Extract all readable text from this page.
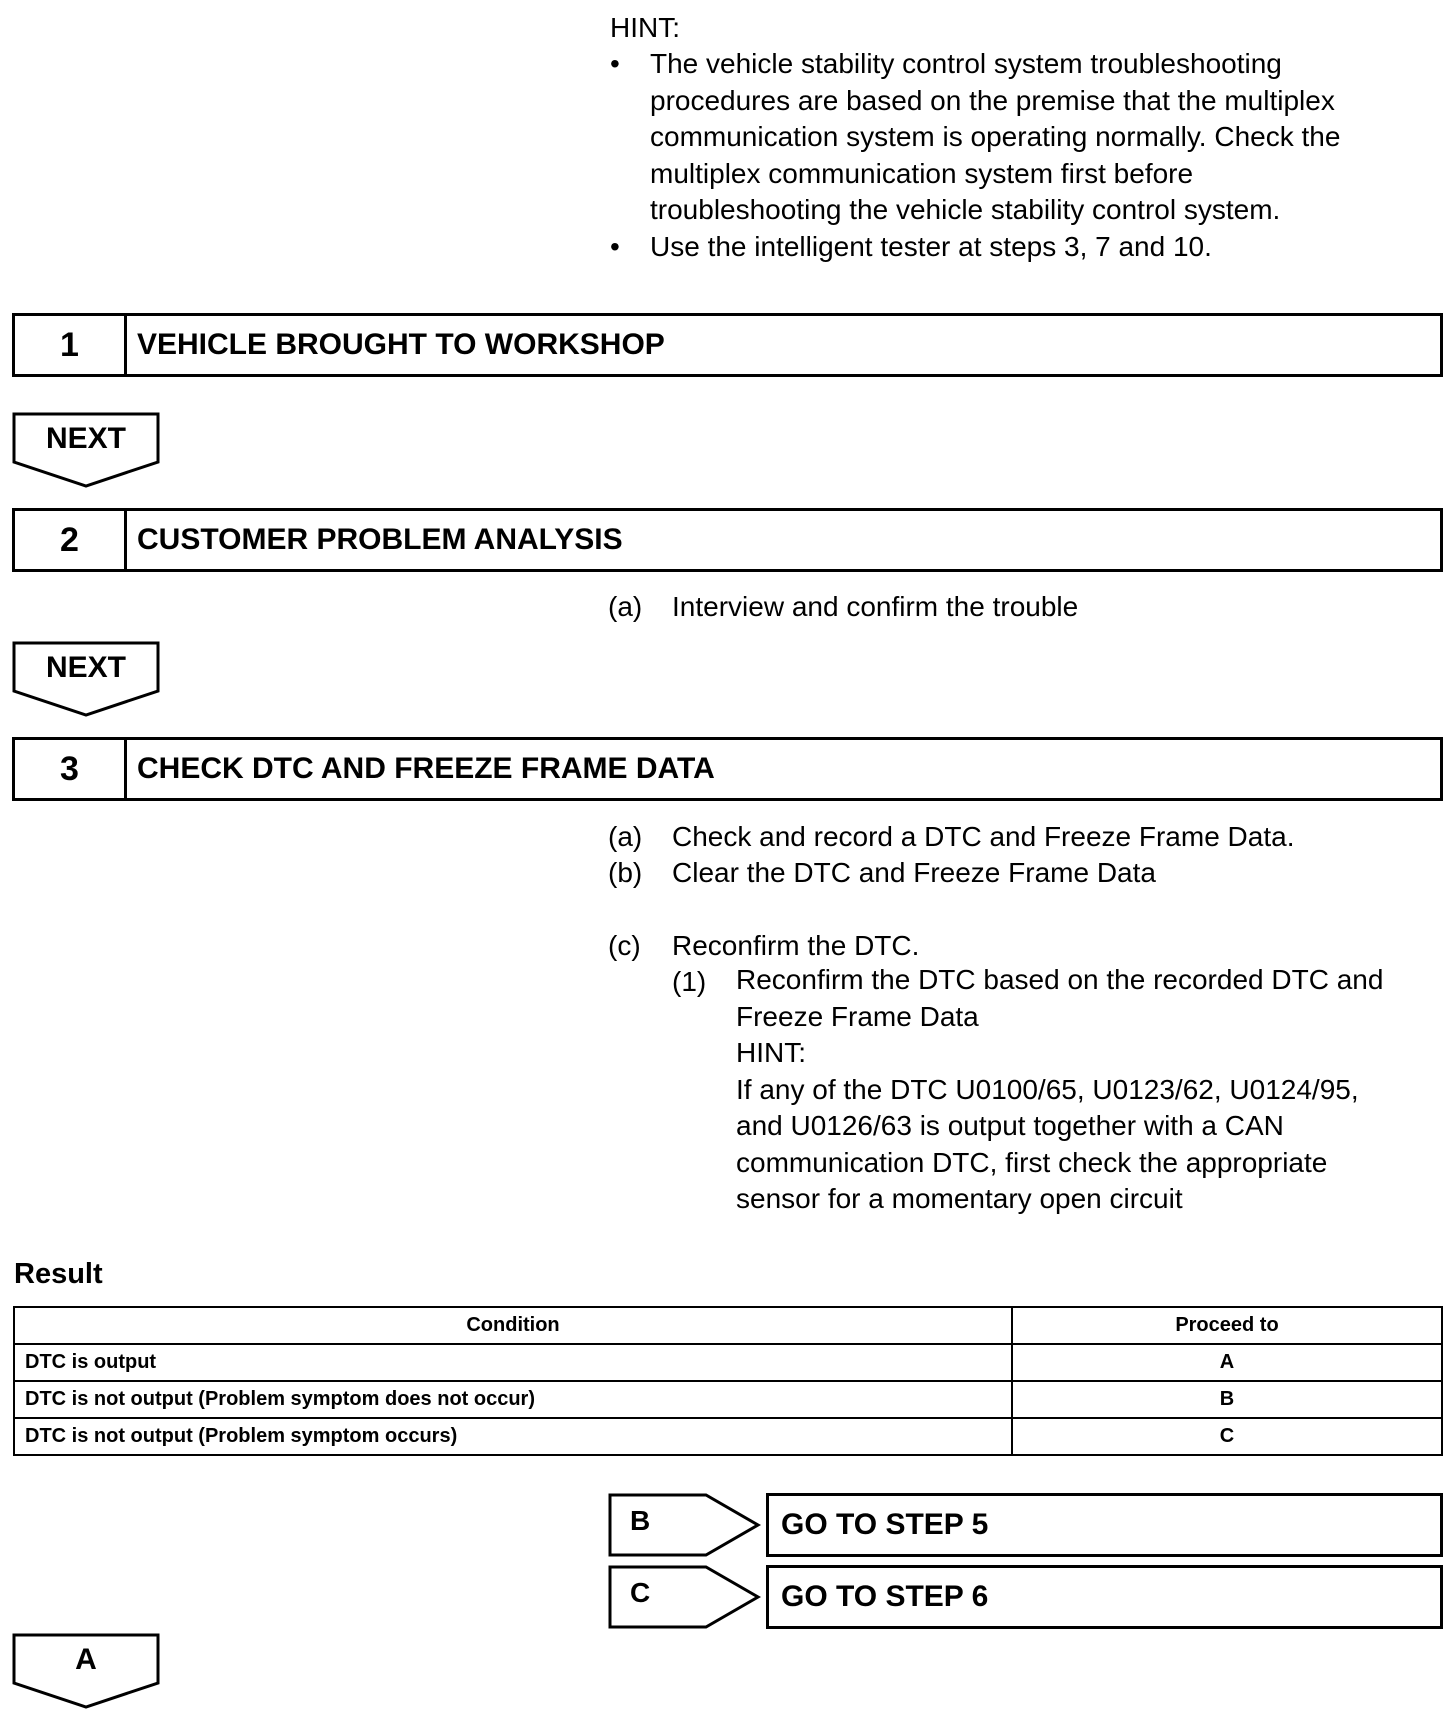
HINT:
• The vehicle stability control system troubleshooting
procedures are based on the premise that the multiplex
communication system is operating normally. Check the
multiplex communication system first before
troubleshooting the vehicle stability control system.
• Use the intelligent tester at steps 3, 7 and 10.
1	VEHICLE BROUGHT TO WORKSHOP
NEXT
2	CUSTOMER PROBLEM ANALYSIS
(a) Interview and confirm the trouble
NEXT
3	CHECK DTC AND FREEZE FRAME DATA
(a) Check and record a DTC and Freeze Frame Data.
(b) Clear the DTC and Freeze Frame Data
(c) Reconfirm the DTC.
(1) Reconfirm the DTC based on the recorded DTC and
Freeze Frame Data
HINT:
If any of the DTC U0100/65, U0123/62, U0124/95,
and U0126/63 is output together with a CAN
communication DTC, first check the appropriate
sensor for a momentary open circuit
Result
Condition	Proceed to
DTC is output	A
DTC is not output (Problem symptom does not occur)	B
DTC is not output (Problem symptom occurs)	C
B	GO TO STEP 5
C	GO TO STEP 6
A
